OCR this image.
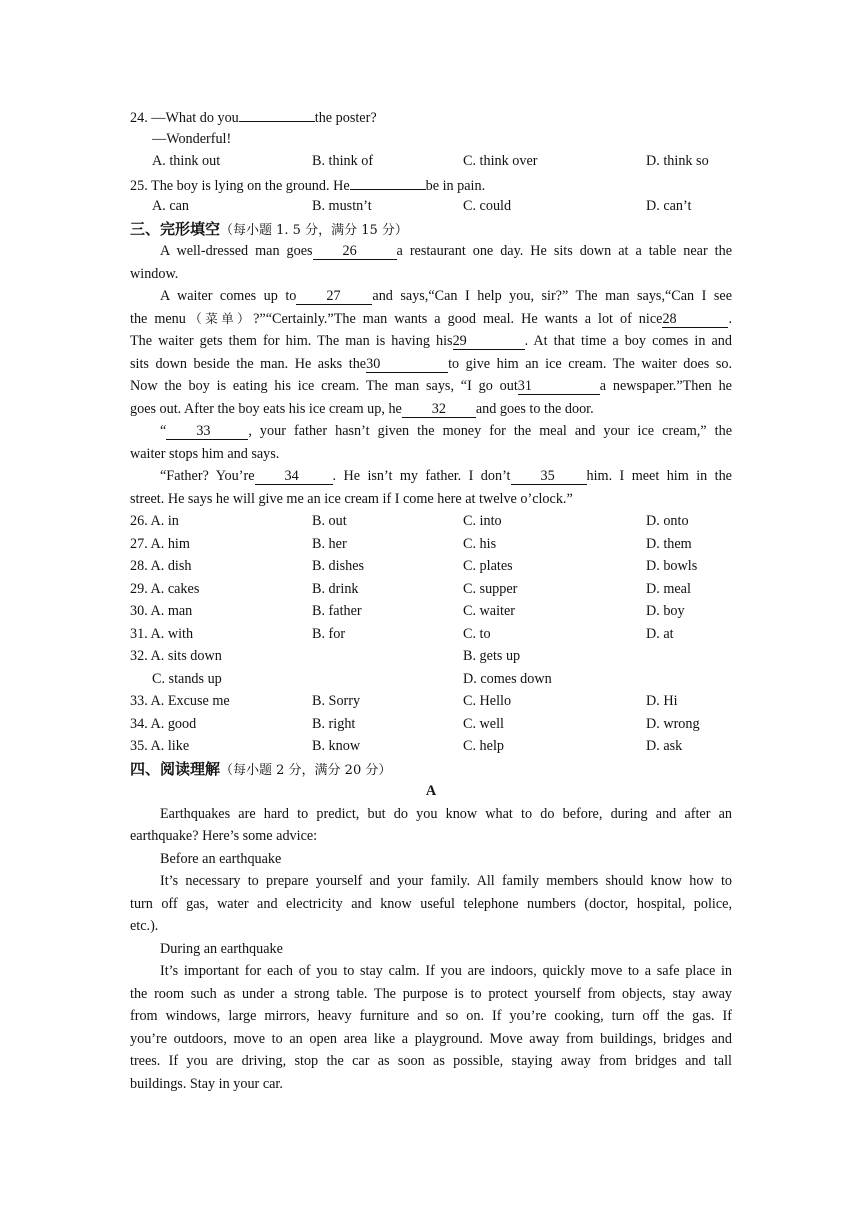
24. —What do you	the poster?
—Wonderful!
A. think out	B. think of	C. think over	D. think so
25. The boy is lying on the ground. He	be in pain.
A. can	B. mustn’t	C. could	D. can’t
三、完形填空（每小题 1. 5 分，满分 15 分）
A well-dressed man goes 26	a restaurant one day. He sits down at a table near the
window.
A waiter comes up to 27 and says,“Can I help you, sir?” The man says,“Can I see
the menu（菜单）?”“Certainly.”The man wants a good meal. He wants a lot of nice28	.
The waiter gets them for him. The man is having his29	. At that time a boy comes in and
sits down beside the man. He asks the30	to give him an ice cream. The waiter does so.
Now the boy is eating his ice cream. The man says, “I go out31	a newspaper.”Then he
goes out. After the boy eats his ice cream up, he 32 and goes to the door.
“ 33	, your father hasn’t given the money for the meal and your ice cream,” the
waiter stops him and says.
“Father? You’re 34 . He isn’t my father. I don’t 35 him. I meet him in the
street. He says he will give me an ice cream if I come here at twelve o’clock.”
26. A. in	B. out	C. into	D. onto
27. A. him	B. her	C. his	D. them
28. A. dish	B. dishes	C. plates	D. bowls
29. A. cakes	B. drink	C. supper	D. meal
30. A. man	B. father	C. waiter	D. boy
31. A. with	B. for	C. to	D. at
32. A. sits down	B. gets up
C. stands up	D. comes down
33. A. Excuse me	B. Sorry	C. Hello	D. Hi
34. A. good	B. right	C. well	D. wrong
35. A. like	B. know	C. help	D. ask
四、阅读理解（每小题 2 分，满分 20 分）
A
Earthquakes are hard to predict, but do you know what to do before, during and after an
earthquake? Here’s some advice:
Before an earthquake
It’s necessary to prepare yourself and your family. All family members should know how to
turn off gas, water and electricity and know useful telephone numbers (doctor, hospital, police,
etc.).
During an earthquake
It’s important for each of you to stay calm. If you are indoors, quickly move to a safe place in
the room such as under a strong table. The purpose is to protect yourself from objects, stay away
from windows, large mirrors, heavy furniture and so on. If you’re cooking, turn off the gas. If
you’re outdoors, move to an open area like a playground. Move away from buildings, bridges and
trees. If you are driving, stop the car as soon as possible, staying away from bridges and tall
buildings. Stay in your car.
